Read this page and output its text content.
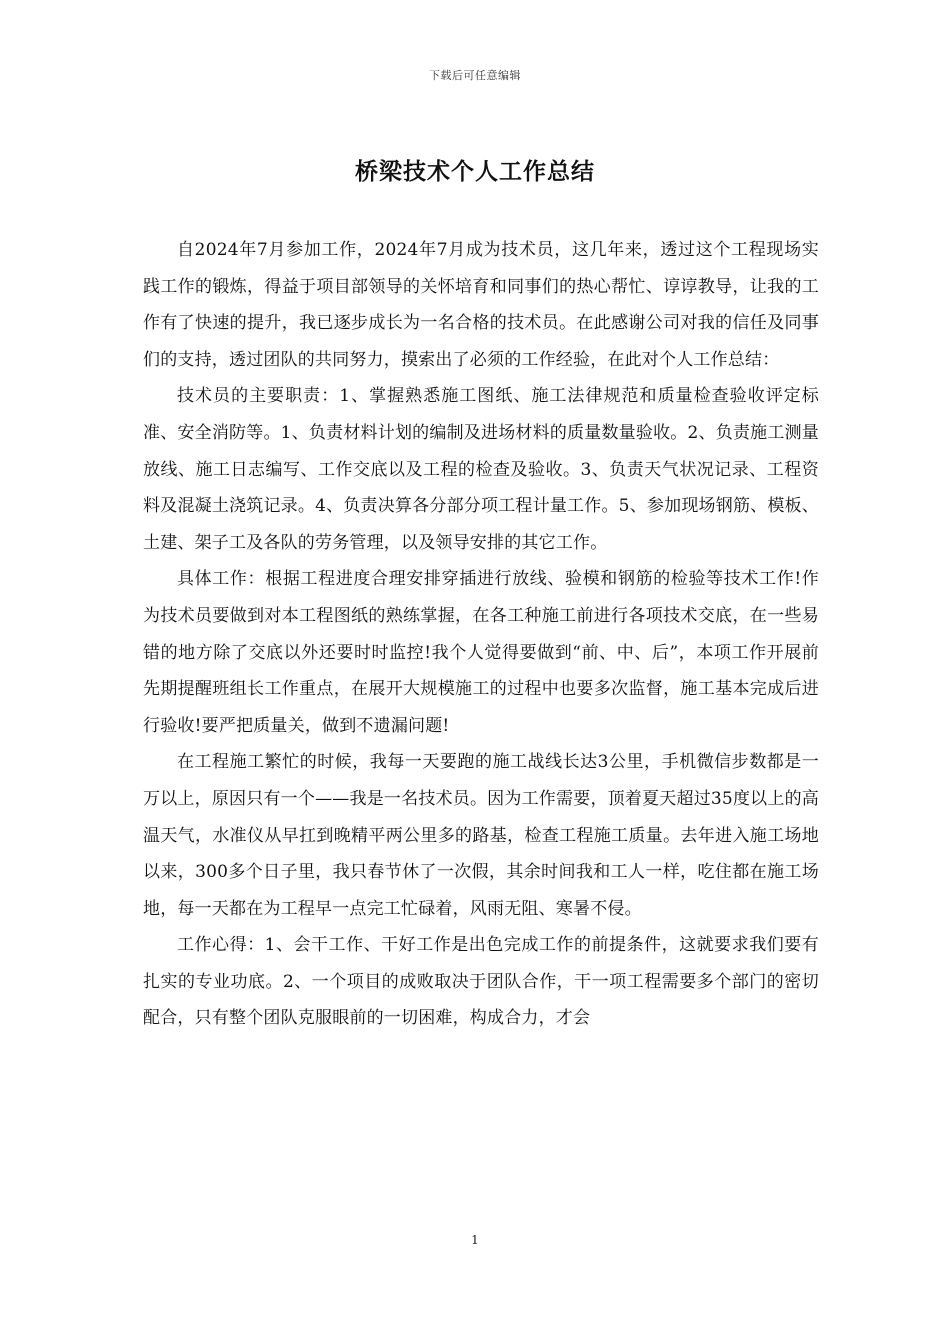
下载后可任意编辑
桥梁技术个人工作总结

自2024年7月参加工作，2024年7月成为技术员，这几年来，透过这个工程现场实践工作的锻炼，得益于项目部领导的关怀培育和同事们的热心帮忙、谆谆教导，让我的工作有了快速的提升，我已逐步成长为一名合格的技术员。在此感谢公司对我的信任及同事们的支持，透过团队的共同努力，摸索出了必须的工作经验，在此对个人工作总结：

技术员的主要职责：1、掌握熟悉施工图纸、施工法律规范和质量检查验收评定标准、安全消防等。1、负责材料计划的编制及进场材料的质量数量验收。2、负责施工测量放线、施工日志编写、工作交底以及工程的检查及验收。3、负责天气状况记录、工程资料及混凝土浇筑记录。4、负责决算各分部分项工程计量工作。5、参加现场钢筋、模板、土建、架子工及各队的劳务管理，以及领导安排的其它工作。

具体工作：根据工程进度合理安排穿插进行放线、验模和钢筋的检验等技术工作!作为技术员要做到对本工程图纸的熟练掌握，在各工种施工前进行各项技术交底，在一些易错的地方除了交底以外还要时时监控!我个人觉得要做到“前、中、后”，本项工作开展前先期提醒班组长工作重点，在展开大规模施工的过程中也要多次监督，施工基本完成后进行验收!要严把质量关，做到不遗漏问题!

在工程施工繁忙的时候，我每一天要跑的施工战线长达3公里，手机微信步数都是一万以上，原因只有一个——我是一名技术员。因为工作需要，顶着夏天超过35度以上的高温天气，水准仪从早扛到晚精平两公里多的路基，检查工程施工质量。去年进入施工场地以来，300多个日子里，我只春节休了一次假，其余时间我和工人一样，吃住都在施工场地，每一天都在为工程早一点完工忙碌着，风雨无阻、寒暑不侵。

工作心得：1、会干工作、干好工作是出色完成工作的前提条件，这就要求我们要有扎实的专业功底。2、一个项目的成败取决于团队合作，干一项工程需要多个部门的密切配合，只有整个团队克服眼前的一切困难，构成合力，才会

1
